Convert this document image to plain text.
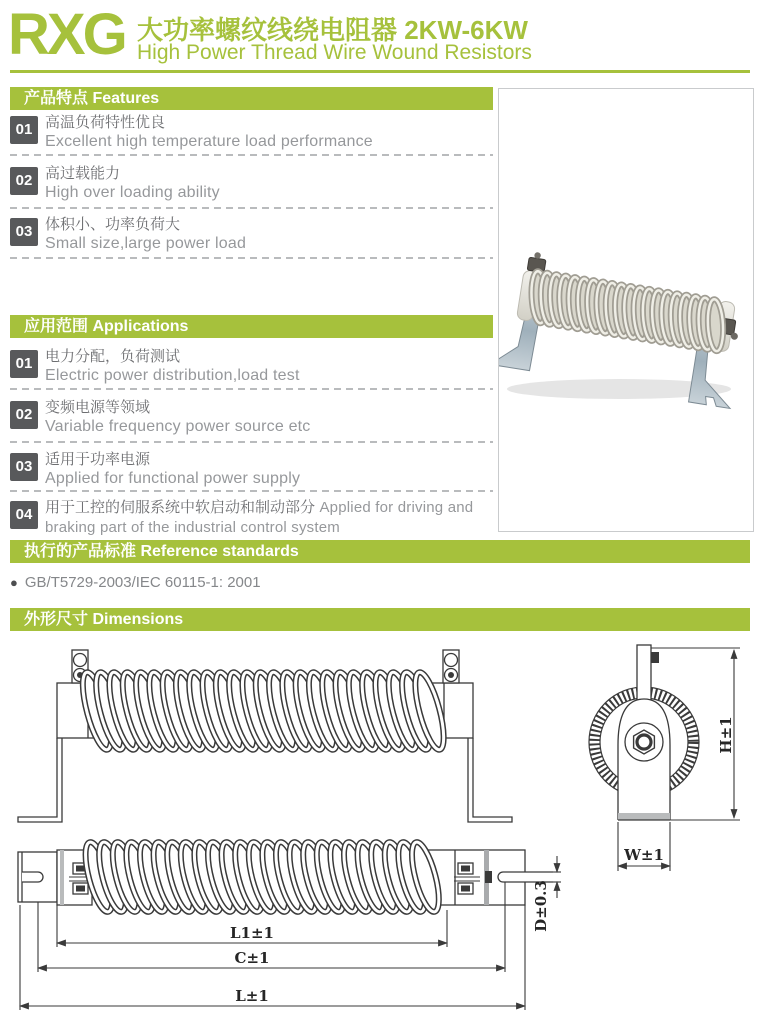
RXG 大功率螺纹线绕电阻器 2KW-6KW
High Power Thread Wire Wound Resistors
产品特点 Features
01 高温负荷特性优良
Excellent high temperature load performance
02 高过载能力
High over loading ability
03 体积小、功率负荷大
Small size,large power load
应用范围 Applications
01 电力分配，负荷测试
Electric power distribution,load test
02 变频电源等领域
Variable frequency power source etc
03 适用于功率电源
Applied for functional power supply
04 用于工控的伺服系统中软启动和制动部分 Applied for driving and braking part of the industrial control system
执行的产品标准 Reference standards
● GB/T5729-2003/IEC 60115-1: 2001
外形尺寸 Dimensions
H±1
W±1
L1±1
C±1
L±1
D±0.3
